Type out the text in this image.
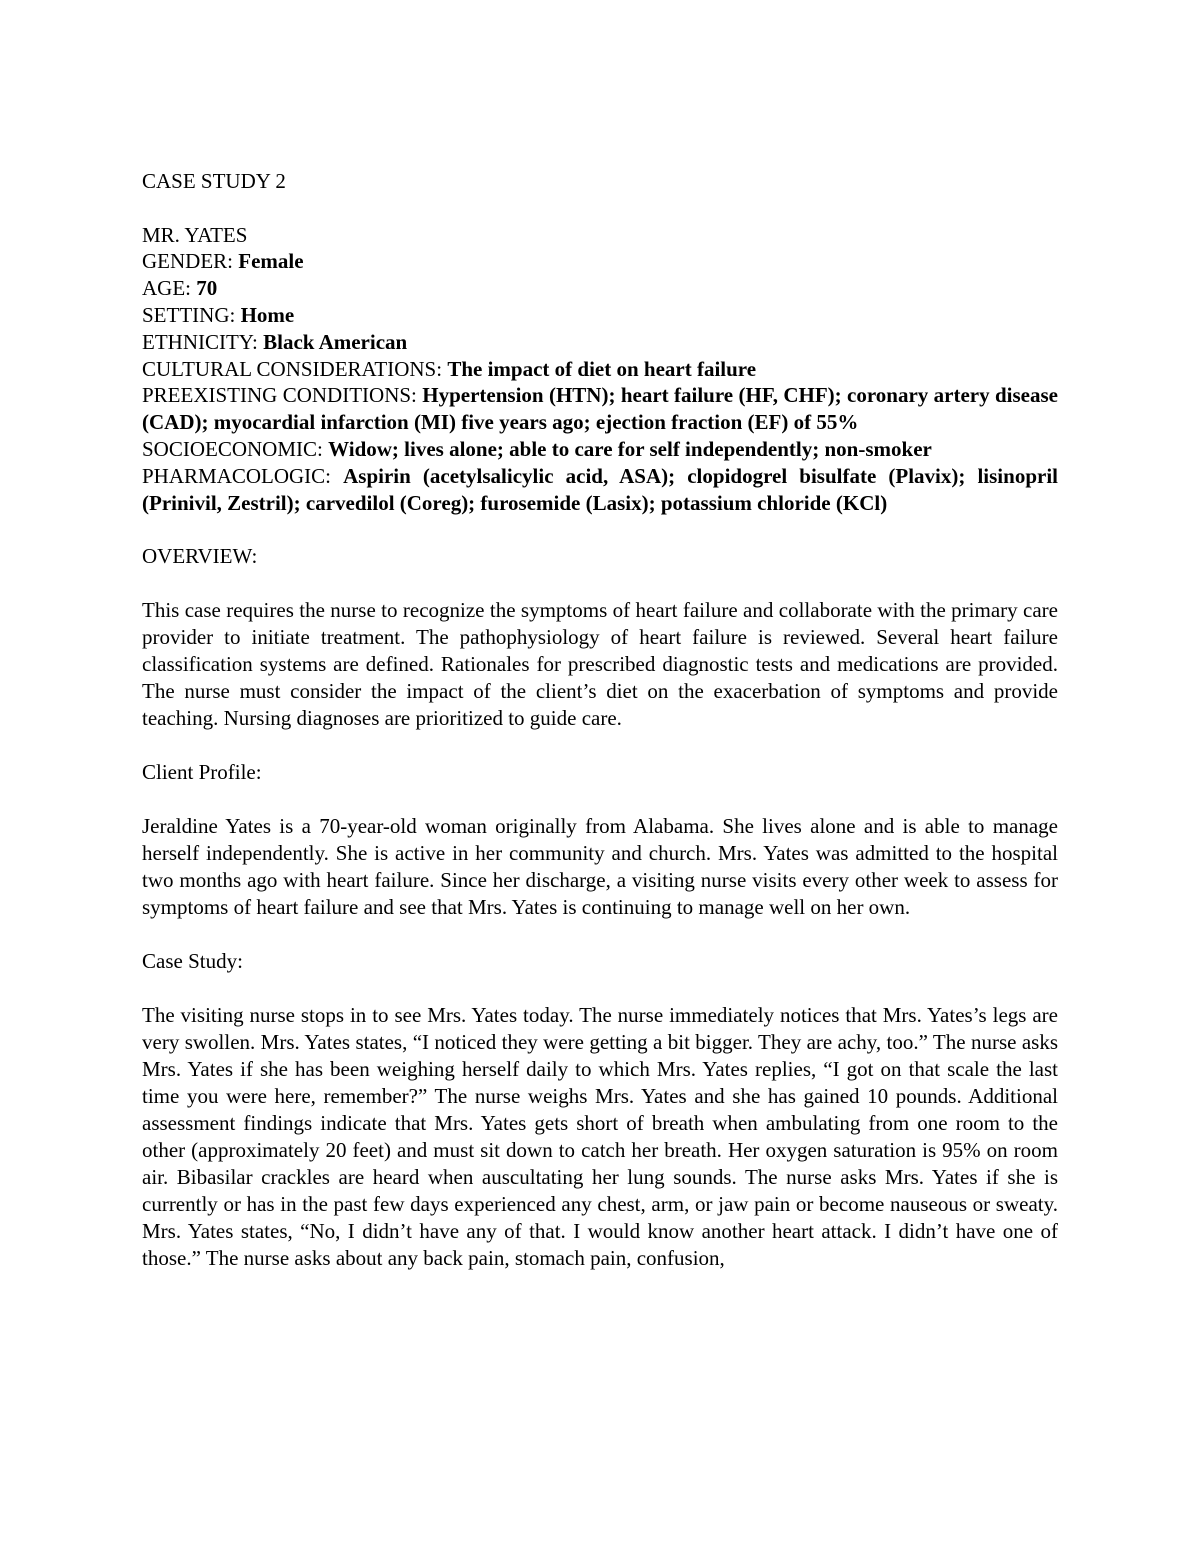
CASE STUDY 2

MR. YATES

GENDER: Female

AGE: 70

SETTING: Home

ETHNICITY: Black American

CULTURAL CONSIDERATIONS: The impact of diet on heart failure

PREEXISTING CONDITIONS: Hypertension (HTN); heart failure (HF, CHF); coronary artery disease (CAD); myocardial infarction (MI) five years ago; ejection fraction (EF) of 55%

SOCIOECONOMIC: Widow; lives alone; able to care for self independently; non-smoker

PHARMACOLOGIC: Aspirin (acetylsalicylic acid, ASA); clopidogrel bisulfate (Plavix); lisinopril (Prinivil, Zestril); carvedilol (Coreg); furosemide (Lasix); potassium chloride (KCl)

OVERVIEW:

This case requires the nurse to recognize the symptoms of heart failure and collaborate with the primary care provider to initiate treatment. The pathophysiology of heart failure is reviewed. Several heart failure classification systems are defined. Rationales for prescribed diagnostic tests and medications are provided. The nurse must consider the impact of the client’s diet on the exacerbation of symptoms and provide teaching. Nursing diagnoses are prioritized to guide care.

Client Profile:

Jeraldine Yates is a 70-year-old woman originally from Alabama. She lives alone and is able to manage herself independently. She is active in her community and church. Mrs. Yates was admitted to the hospital two months ago with heart failure. Since her discharge, a visiting nurse visits every other week to assess for symptoms of heart failure and see that Mrs. Yates is continuing to manage well on her own.

Case Study:

The visiting nurse stops in to see Mrs. Yates today. The nurse immediately notices that Mrs. Yates’s legs are very swollen. Mrs. Yates states, “I noticed they were getting a bit bigger. They are achy, too.” The nurse asks Mrs. Yates if she has been weighing herself daily to which Mrs. Yates replies, “I got on that scale the last time you were here, remember?” The nurse weighs Mrs. Yates and she has gained 10 pounds. Additional assessment findings indicate that Mrs. Yates gets short of breath when ambulating from one room to the other (approximately 20 feet) and must sit down to catch her breath. Her oxygen saturation is 95% on room air. Bibasilar crackles are heard when auscultating her lung sounds. The nurse asks Mrs. Yates if she is currently or has in the past few days experienced any chest, arm, or jaw pain or become nauseous or sweaty. Mrs. Yates states, “No, I didn’t have any of that. I would know another heart attack. I didn’t have one of those.” The nurse asks about any back pain, stomach pain, confusion,
